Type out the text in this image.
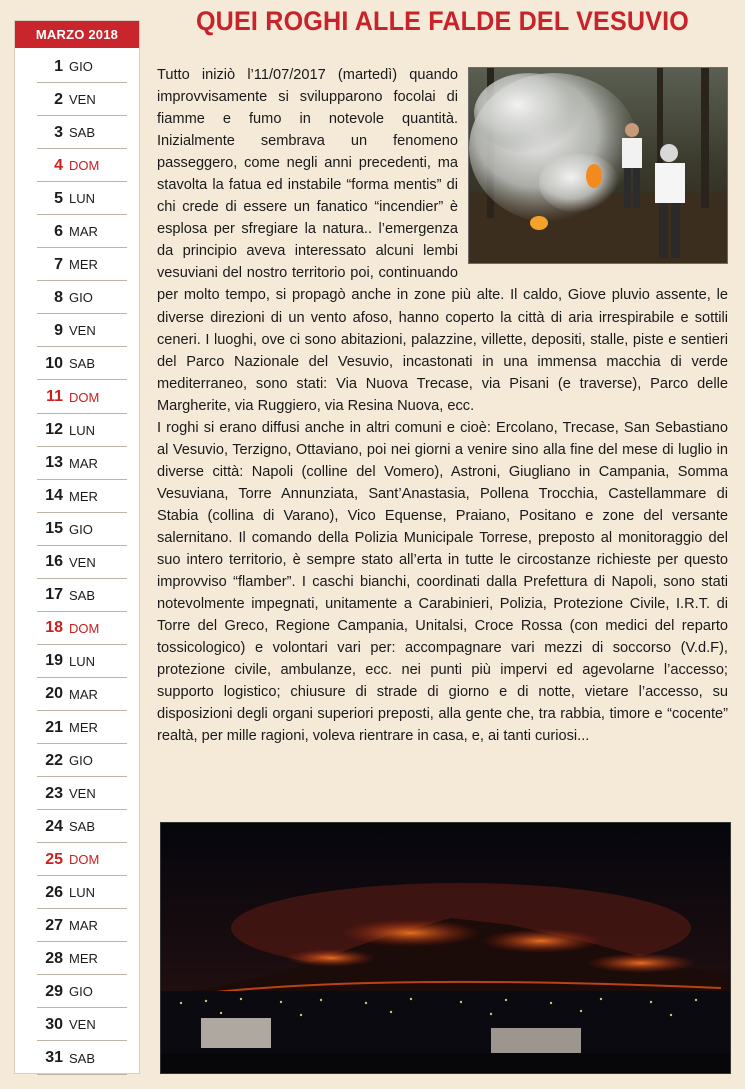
MARZO 2018
1 GIO
2 VEN
3 SAB
4 DOM
5 LUN
6 MAR
7 MER
8 GIO
9 VEN
10 SAB
11 DOM
12 LUN
13 MAR
14 MER
15 GIO
16 VEN
17 SAB
18 DOM
19 LUN
20 MAR
21 MER
22 GIO
23 VEN
24 SAB
25 DOM
26 LUN
27 MAR
28 MER
29 GIO
30 VEN
31 SAB
QUEI ROGHI ALLE FALDE DEL VESUVIO

Tutto iniziò l’11/07/2017 (martedì) quando improvvisamente si svilupparono focolai di fiamme e fumo in notevole quantità. Inizialmente sembrava un fenomeno passeggero, come negli anni precedenti, ma stavolta la fatua ed instabile “forma mentis” di chi crede di essere un fanatico “incendier” è esplosa per sfregiare la natura.. l’emergenza da principio aveva interessato alcuni lembi vesuviani del nostro territorio poi, continuando per molto tempo, si propagò anche in zone più alte. Il caldo, Giove pluvio assente, le diverse direzioni di un vento afoso, hanno coperto la città di aria irrespirabile e sottili ceneri. I luoghi, ove ci sono abitazioni, palazzine, villette, depositi, stalle, piste e sentieri del Parco Nazionale del Vesuvio, incastonati in una immensa macchia di verde mediterraneo, sono stati: Via Nuova Trecase, via Pisani (e traverse), Parco delle Margherite, via Ruggiero, via Resina Nuova, ecc.

I roghi si erano diffusi anche in altri comuni e cioè: Ercolano, Trecase, San Sebastiano al Vesuvio, Terzigno, Ottaviano, poi nei giorni a venire sino alla fine del mese di luglio in diverse città: Napoli (colline del Vomero), Astroni, Giugliano in Campania, Somma Vesuviana, Torre Annunziata, Sant’Anastasia, Pollena Trocchia, Castellammare di Stabia (collina di Varano), Vico Equense, Praiano, Positano e zone del versante salernitano. Il comando della Polizia Municipale Torrese, preposto al monitoraggio del suo intero territorio, è sempre stato all’erta in tutte le circostanze richieste per questo improvviso “flamber”. I caschi bianchi, coordinati dalla Prefettura di Napoli, sono stati notevolmente impegnati, unitamente a Carabinieri, Polizia, Protezione Civile, I.R.T. di Torre del Greco, Regione Campania, Unitalsi, Croce Rossa (con medici del reparto tossicologico) e volontari vari per: accompagnare vari mezzi di soccorso (V.d.F), protezione civile, ambulanze, ecc. nei punti più impervi ed agevolarne l’accesso; supporto logistico; chiusure di strade di giorno e di notte, vietare l’accesso, su disposizioni degli organi superiori preposti, alla gente che, tra rabbia, timore e “cocente” realtà, per mille ragioni, voleva rientrare in casa, e, ai tanti curiosi...
